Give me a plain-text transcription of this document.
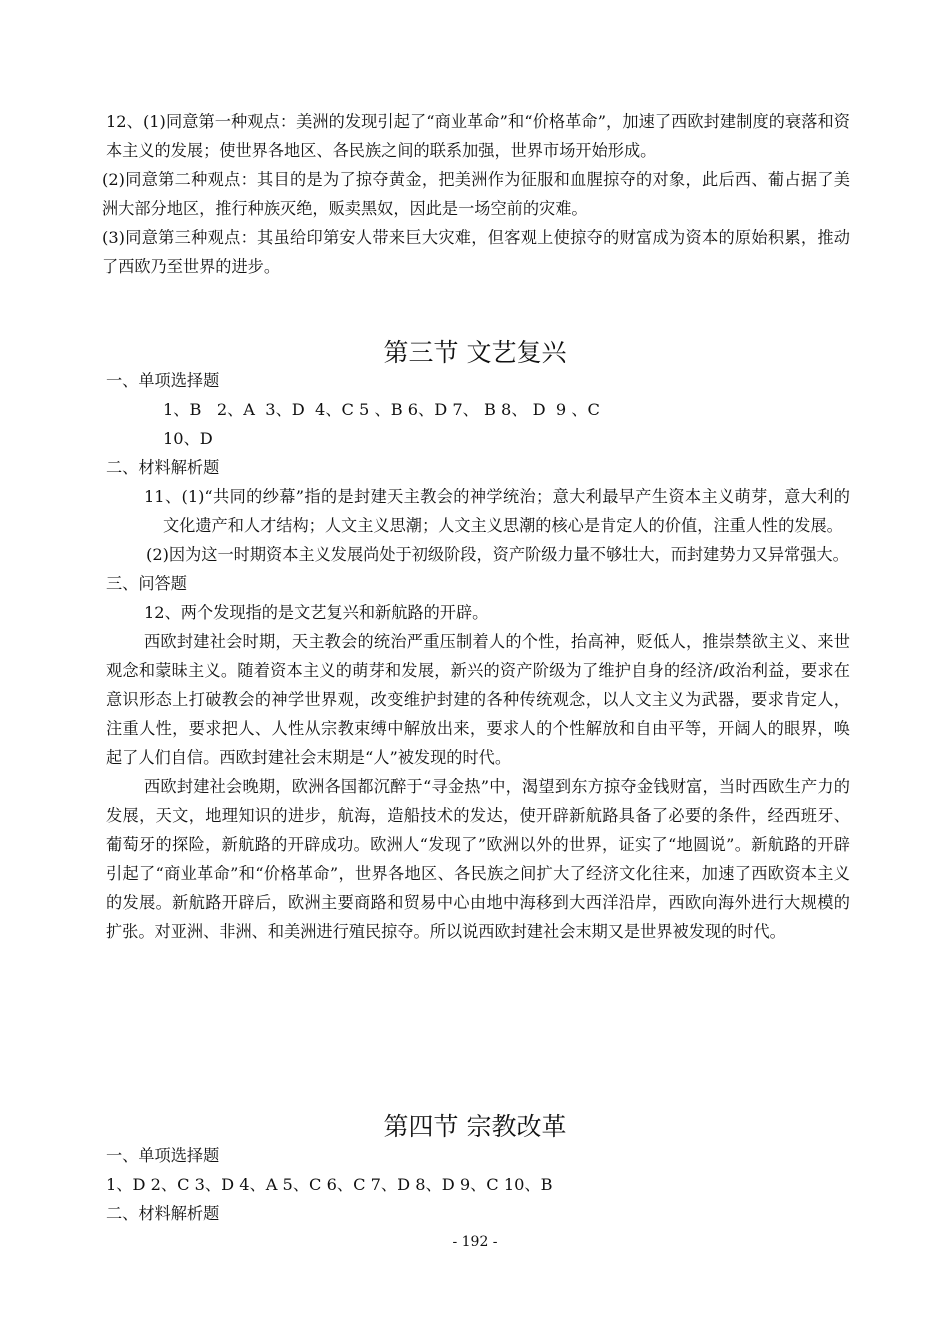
12、(1)同意第一种观点：美洲的发现引起了“商业革命”和“价格革命”，加速了西欧封建制度的衰落和资本主义的发展；使世界各地区、各民族之间的联系加强，世界市场开始形成。

(2)同意第二种观点：其目的是为了掠夺黄金，把美洲作为征服和血腥掠夺的对象，此后西、葡占据了美洲大部分地区，推行种族灭绝，贩卖黑奴，因此是一场空前的灾难。

(3)同意第三种观点：其虽给印第安人带来巨大灾难，但客观上使掠夺的财富成为资本的原始积累，推动了西欧乃至世界的进步。

第三节 文艺复兴

一、单项选择题

1、B   2、A  3、D  4、C 5 、B 6、D 7、 B 8、 D  9 、C

10、D

二、材料解析题

11、(1)“共同的纱幕”指的是封建天主教会的神学统治；意大利最早产生资本主义萌芽，意大利的文化遗产和人才结构；人文主义思潮；人文主义思潮的核心是肯定人的价值，注重人性的发展。

(2)因为这一时期资本主义发展尚处于初级阶段，资产阶级力量不够壮大，而封建势力又异常强大。

三、问答题

12、两个发现指的是文艺复兴和新航路的开辟。

西欧封建社会时期，天主教会的统治严重压制着人的个性，抬高神，贬低人，推崇禁欲主义、来世观念和蒙昧主义。随着资本主义的萌芽和发展，新兴的资产阶级为了维护自身的经济/政治利益，要求在意识形态上打破教会的神学世界观，改变维护封建的各种传统观念，以人文主义为武器，要求肯定人，注重人性，要求把人、人性从宗教束缚中解放出来，要求人的个性解放和自由平等，开阔人的眼界，唤起了人们自信。西欧封建社会末期是“人”被发现的时代。

西欧封建社会晚期，欧洲各国都沉醉于“寻金热”中，渴望到东方掠夺金钱财富，当时西欧生产力的发展，天文，地理知识的进步，航海，造船技术的发达，使开辟新航路具备了必要的条件，经西班牙、葡萄牙的探险，新航路的开辟成功。欧洲人“发现了”欧洲以外的世界，证实了“地圆说”。新航路的开辟引起了“商业革命”和“价格革命”，世界各地区、各民族之间扩大了经济文化往来，加速了西欧资本主义的发展。新航路开辟后，欧洲主要商路和贸易中心由地中海移到大西洋沿岸，西欧向海外进行大规模的扩张。对亚洲、非洲、和美洲进行殖民掠夺。所以说西欧封建社会末期又是世界被发现的时代。

第四节 宗教改革

一、单项选择题

1、D 2、C 3、D 4、A 5、C 6、C 7、D 8、D 9、C 10、B

二、材料解析题

- 192 -
